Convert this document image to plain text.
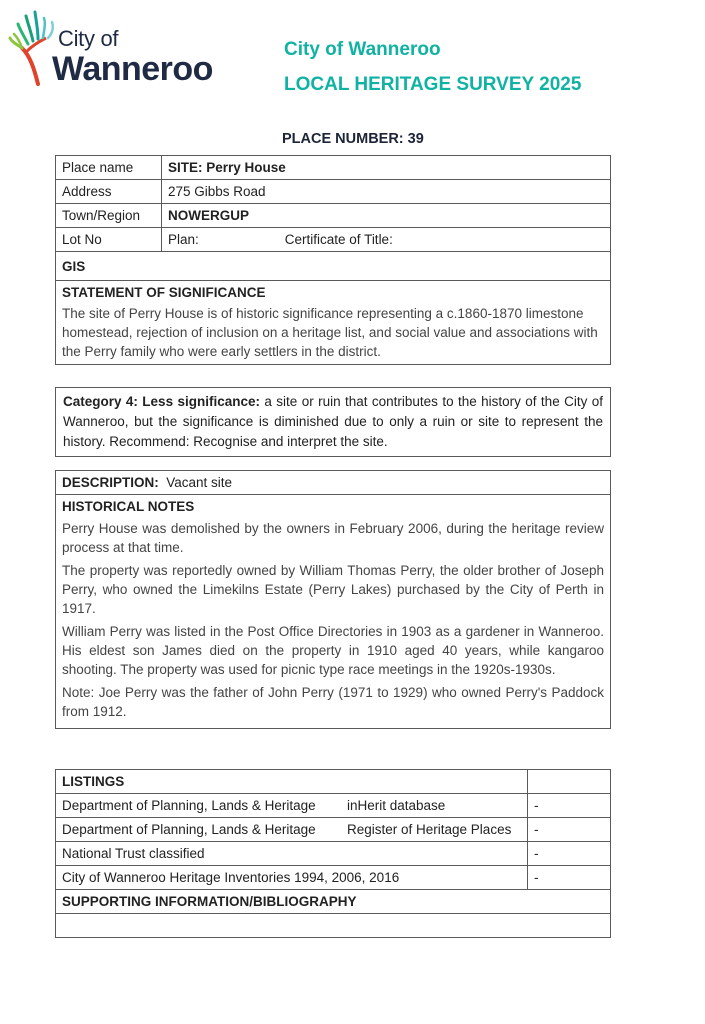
City of
Wanneroo
City of Wanneroo
LOCAL HERITAGE SURVEY 2025
PLACE NUMBER: 39
Place name	SITE: Perry House
Address	275 Gibbs Road
Town/Region	NOWERGUP
Lot No	Plan: Certificate of Title:
GIS	

STATEMENT OF SIGNIFICANCE
The site of Perry House is of historic significance representing a c.1860-1870 limestone homestead, rejection of inclusion on a heritage list, and social value and associations with the Perry family who were early settlers in the district.	
Category 4: Less significance: a site or ruin that contributes to the history of the City of Wanneroo, but the significance is diminished due to only a ruin or site to represent the history. Recommend: Recognise and interpret the site.
DESCRIPTION: Vacant site

HISTORICAL NOTES

Perry House was demolished by the owners in February 2006, during the heritage review process at that time.

The property was reportedly owned by William Thomas Perry, the older brother of Joseph Perry, who owned the Limekilns Estate (Perry Lakes) purchased by the City of Perth in 1917.

William Perry was listed in the Post Office Directories in 1903 as a gardener in Wanneroo. His eldest son James died on the property in 1910 aged 40 years, while kangaroo shooting. The property was used for picnic type race meetings in the 1920s-1930s.

Note: Joe Perry was the father of John Perry (1971 to 1929) who owned Perry's Paddock from 1912.

LISTINGS	
Department of Planning, Lands & Heritage inHerit database	-
Department of Planning, Lands & Heritage Register of Heritage Places	-
National Trust classified	-
City of Wanneroo Heritage Inventories 1994, 2006, 2016	-
SUPPORTING INFORMATION/BIBLIOGRAPHY	
